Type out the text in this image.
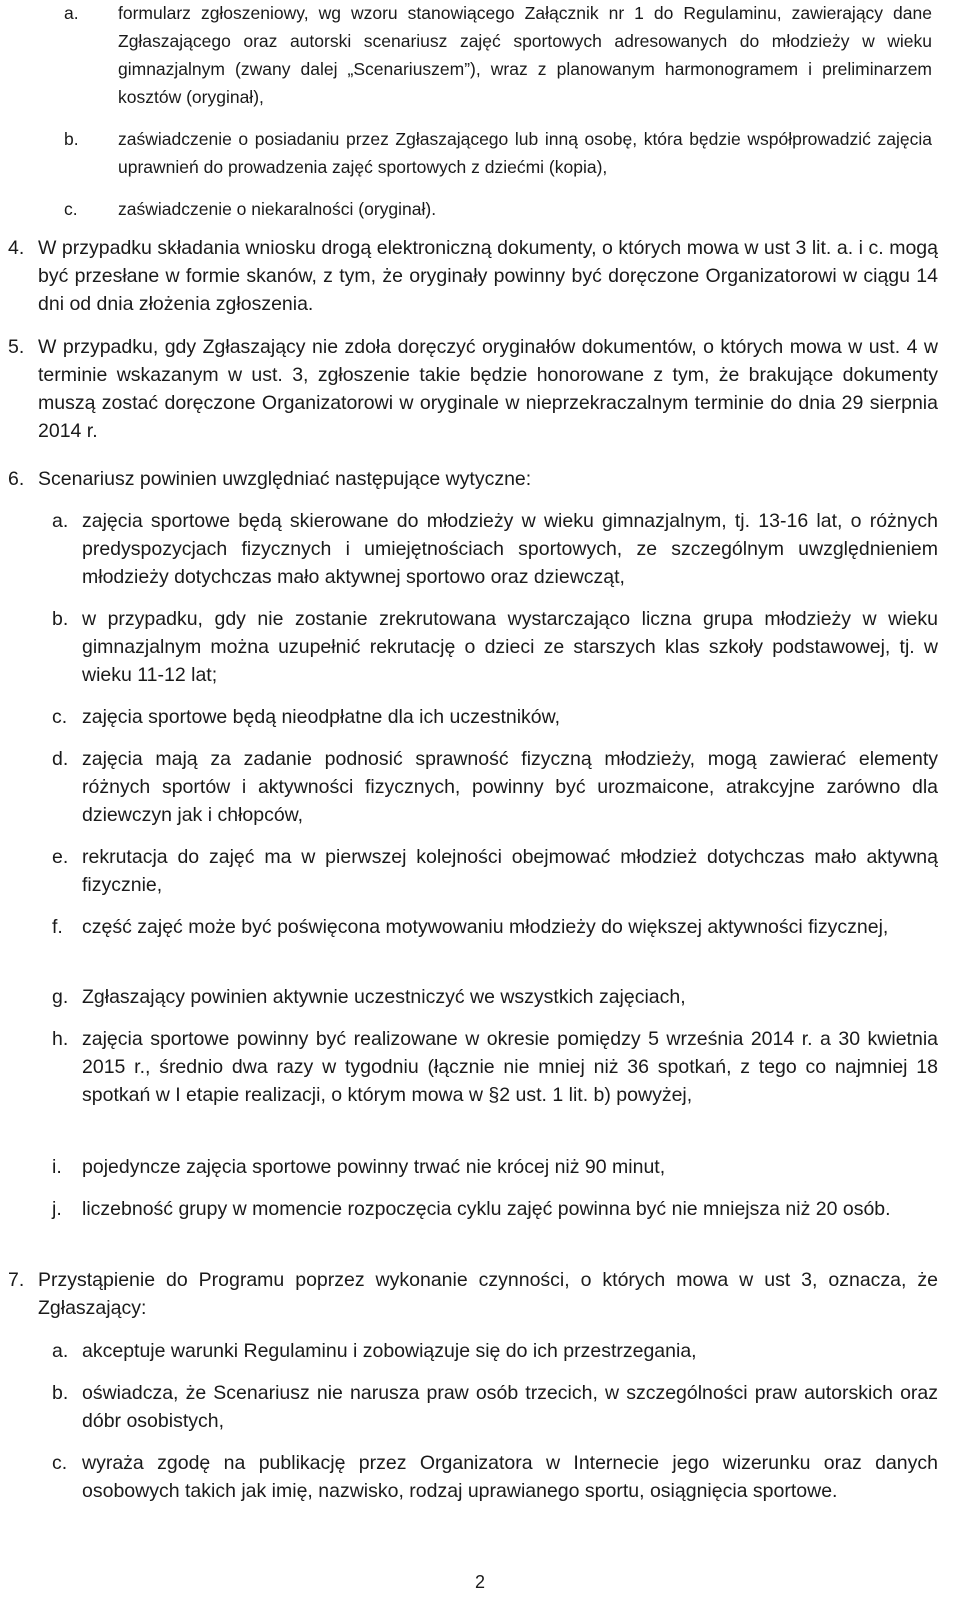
a.	formularz zgłoszeniowy, wg wzoru stanowiącego Załącznik nr 1 do Regulaminu, zawierający dane Zgłaszającego oraz autorski scenariusz zajęć sportowych adresowanych do młodzieży w wieku gimnazjalnym (zwany dalej „Scenariuszem”), wraz z planowanym harmonogramem i preliminarzem kosztów (oryginał),
b.	zaświadczenie o posiadaniu przez Zgłaszającego lub inną osobę, która będzie współprowadzić zajęcia uprawnień do prowadzenia zajęć sportowych z dziećmi (kopia),
c.	zaświadczenie o niekaralności (oryginał).
4. W przypadku składania wniosku drogą elektroniczną dokumenty, o których mowa w ust 3 lit. a. i c. mogą być przesłane w formie skanów, z tym, że oryginały powinny być doręczone Organizatorowi w ciągu 14 dni od dnia złożenia zgłoszenia.
5. W przypadku, gdy Zgłaszający nie zdoła doręczyć oryginałów dokumentów, o których mowa w ust. 4 w terminie wskazanym w ust. 3, zgłoszenie takie będzie honorowane z tym, że brakujące dokumenty muszą zostać doręczone Organizatorowi w oryginale w nieprzekraczalnym terminie do dnia 29 sierpnia 2014 r.
6. Scenariusz powinien uwzględniać następujące wytyczne:
a. zajęcia sportowe będą skierowane do młodzieży w wieku gimnazjalnym, tj. 13-16 lat, o różnych predyspozycjach fizycznych i umiejętnościach sportowych, ze szczególnym uwzględnieniem młodzieży dotychczas mało aktywnej sportowo oraz dziewcząt,
b. w przypadku, gdy nie zostanie zrekrutowana wystarczająco liczna grupa młodzieży w wieku gimnazjalnym można uzupełnić rekrutację o dzieci ze starszych klas szkoły podstawowej, tj. w wieku 11-12 lat;
c. zajęcia sportowe będą nieodpłatne dla ich uczestników,
d. zajęcia mają za zadanie podnosić sprawność fizyczną młodzieży, mogą zawierać elementy różnych sportów i aktywności fizycznych, powinny być urozmaicone, atrakcyjne zarówno dla dziewczyn jak i chłopców,
e. rekrutacja do zajęć ma w pierwszej kolejności obejmować młodzież dotychczas mało aktywną fizycznie,
f. część zajęć może być poświęcona motywowaniu młodzieży do większej aktywności fizycznej,
g. Zgłaszający powinien aktywnie uczestniczyć we wszystkich zajęciach,
h. zajęcia sportowe powinny być realizowane w okresie pomiędzy 5 września 2014 r. a 30 kwietnia 2015 r., średnio dwa razy w tygodniu (łącznie nie mniej niż 36 spotkań, z tego co najmniej 18 spotkań w I etapie realizacji, o którym mowa w §2 ust. 1 lit. b) powyżej,
i.	pojedyncze zajęcia sportowe powinny trwać nie krócej niż 90 minut,
j.	liczebność grupy w momencie rozpoczęcia cyklu zajęć powinna być nie mniejsza niż 20 osób.
7. Przystąpienie do Programu poprzez wykonanie czynności, o których mowa w ust 3, oznacza, że Zgłaszający:
a. akceptuje warunki Regulaminu i zobowiązuje się do ich przestrzegania,
b. oświadcza, że Scenariusz nie narusza praw osób trzecich, w szczególności praw autorskich oraz dóbr osobistych,
c. wyraża zgodę na publikację przez Organizatora w Internecie jego wizerunku oraz danych osobowych takich jak imię, nazwisko, rodzaj uprawianego sportu, osiągnięcia sportowe.
2
